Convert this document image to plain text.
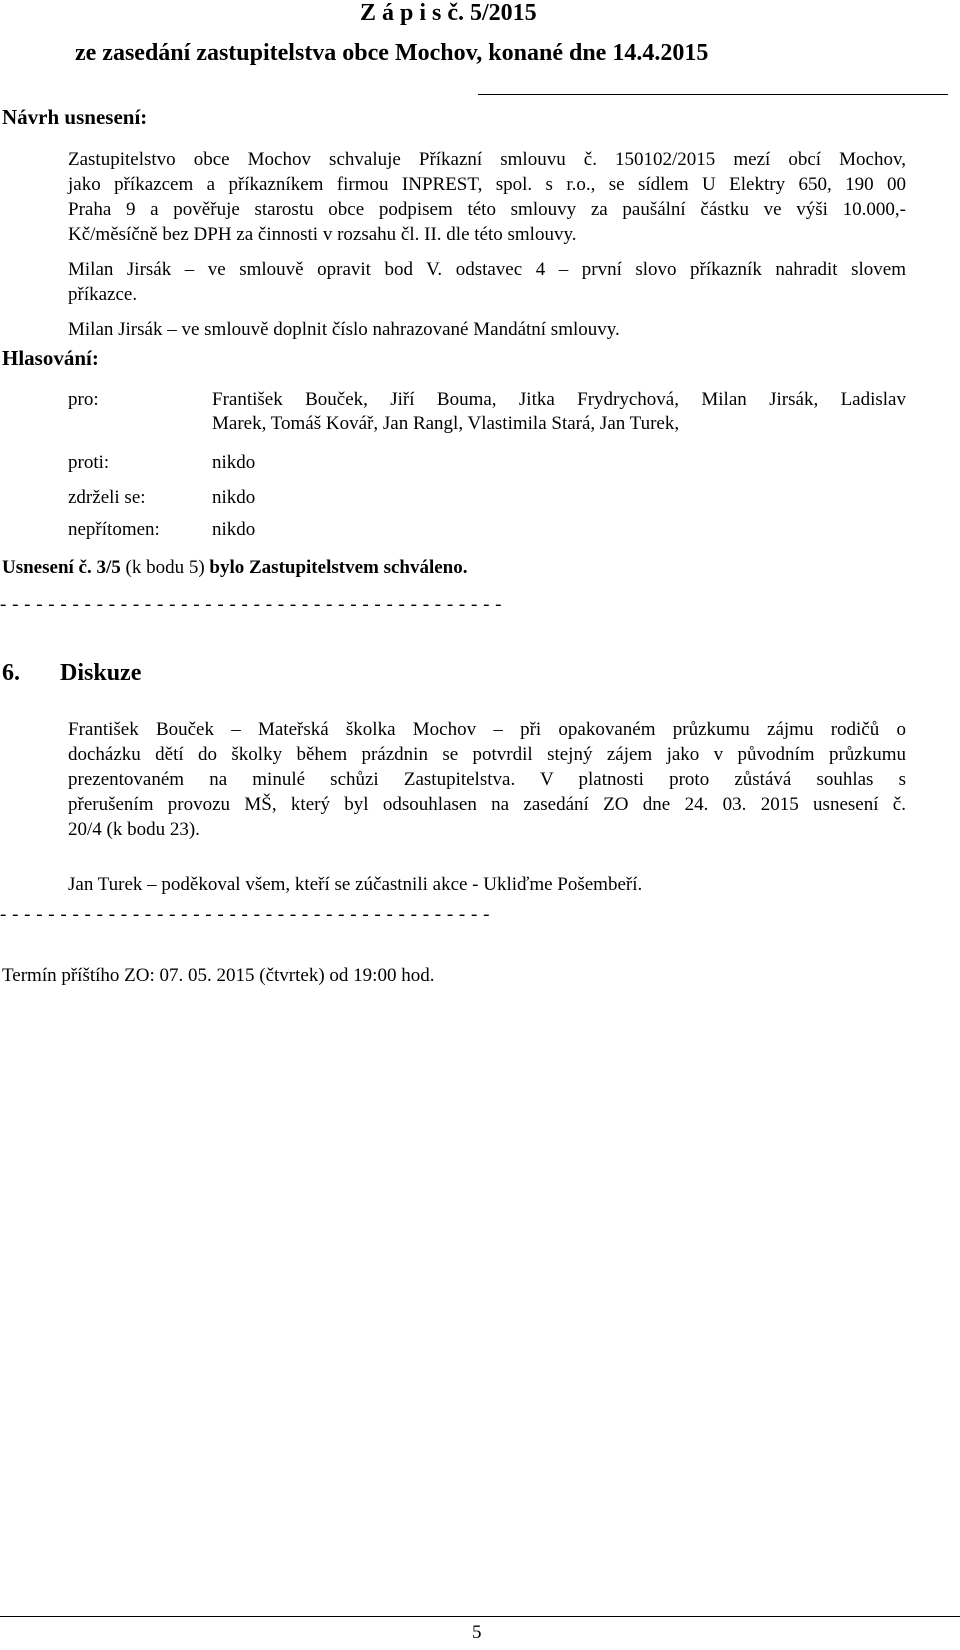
Z á p i s č. 5/2015
ze zasedání zastupitelstva obce Mochov, konané dne 14.4.2015
Návrh usnesení:
Zastupitelstvo obce Mochov schvaluje Příkazní smlouvu č. 150102/2015 mezí obcí Mochov,
jako příkazcem a příkazníkem firmou INPREST, spol. s r.o., se sídlem U Elektry 650, 190 00
Praha 9 a pověřuje starostu obce podpisem této smlouvy za paušální částku ve výši 10.000,-
Kč/měsíčně bez DPH za činnosti v rozsahu čl. II. dle této smlouvy.
Milan Jirsák – ve smlouvě opravit bod V. odstavec 4 – první slovo příkazník nahradit slovem
příkazce.
Milan Jirsák – ve smlouvě doplnit číslo nahrazované Mandátní smlouvy.
Hlasování:
pro:	František Bouček, Jiří Bouma, Jitka Frydrychová, Milan Jirsák, Ladislav
Marek, Tomáš Kovář, Jan Rangl, Vlastimila Stará, Jan Turek,
proti:	nikdo
zdrželi se:	nikdo
nepřítomen:	nikdo
Usnesení č. 3/5 (k bodu 5) bylo Zastupitelstvem schváleno.
- - - - - - - - - - - - - - - - - - - - - - - - - - - - - - - - - - - - - - - - - -
6. Diskuze
František Bouček – Mateřská školka Mochov – při opakovaném průzkumu zájmu rodičů o
docházku dětí do školky během prázdnin se potvrdil stejný zájem jako v původním průzkumu
prezentovaném na minulé schůzi Zastupitelstva. V platnosti proto zůstává souhlas s
přerušením provozu MŠ, který byl odsouhlasen na zasedání ZO dne 24. 03. 2015 usnesení č.
20/4 (k bodu 23).
Jan Turek – poděkoval všem, kteří se zúčastnili akce - Ukliďme Pošembeří.
- - - - - - - - - - - - - - - - - - - - - - - - - - - - - - - - - - - - - - - - -
Termín příštího ZO: 07. 05. 2015 (čtvrtek) od 19:00 hod.
5
